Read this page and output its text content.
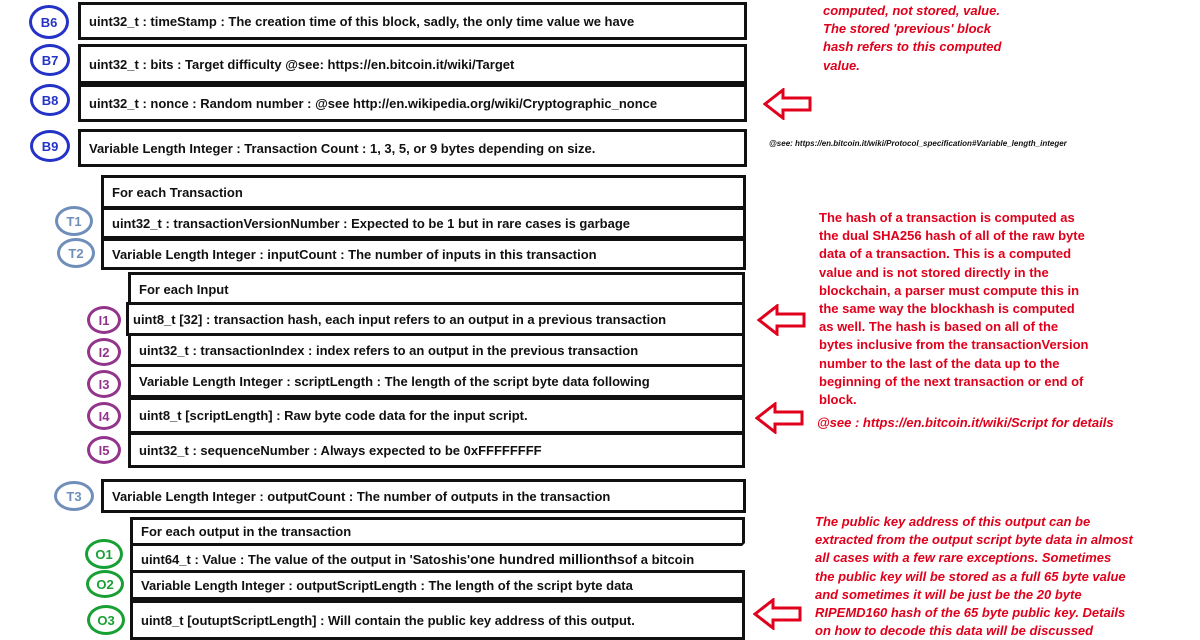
B6	uint32_t : timeStamp : The creation time of this block, sadly, the only time value we have
B7	uint32_t : bits : Target difficulty @see: https://en.bitcoin.it/wiki/Target
B8	uint32_t : nonce : Random number : @see http://en.wikipedia.org/wiki/Cryptographic_nonce
B9	Variable Length Integer : Transaction Count : 1, 3, 5, or 9 bytes depending on size.
For each Transaction
T1	uint32_t : transactionVersionNumber : Expected to be 1 but in rare cases is garbage
T2	Variable Length Integer : inputCount : The number of inputs in this transaction
For each Input
I1	uint8_t [32] : transaction hash, each input refers to an output in a previous transaction
I2	uint32_t : transactionIndex : index refers to an output in the previous transaction
I3	Variable Length Integer : scriptLength : The length of the script byte data following
I4	uint8_t [scriptLength] : Raw byte code data for the input script.
I5	uint32_t : sequenceNumber : Always expected to be 0xFFFFFFFF
T3	Variable Length Integer : outputCount : The number of outputs in the transaction
For each output in the transaction
O1	uint64_t : Value : The value of the output in 'Satoshis' one hundred millionths of a bitcoin
O2	Variable Length Integer : outputScriptLength : The length of the script byte data
O3	uint8_t [outuptScriptLength] : Will contain the public key address of this output.
computed, not stored, value.
The stored 'previous' block
hash refers to this computed
value.
@see: https://en.bitcoin.it/wiki/Protocol_specification#Variable_length_integer
The hash of a transaction is computed as
the dual SHA256 hash of all of the raw byte
data of a transaction. This is a computed
value and is not stored directly in the
blockchain, a parser must compute this in
the same way the blockhash is computed
as well. The hash is based on all of the
bytes inclusive from the transactionVersion
number to the last of the data up to the
beginning of the next transaction or end of
block.
@see : https://en.bitcoin.it/wiki/Script for details
The public key address of this output can be
extracted from the output script byte data in almost
all cases with a few rare exceptions. Sometimes
the public key will be stored as a full 65 byte value
and sometimes it will be just be the 20 byte
RIPEMD160 hash of the 65 byte public key. Details
on how to decode this data will be discussed
